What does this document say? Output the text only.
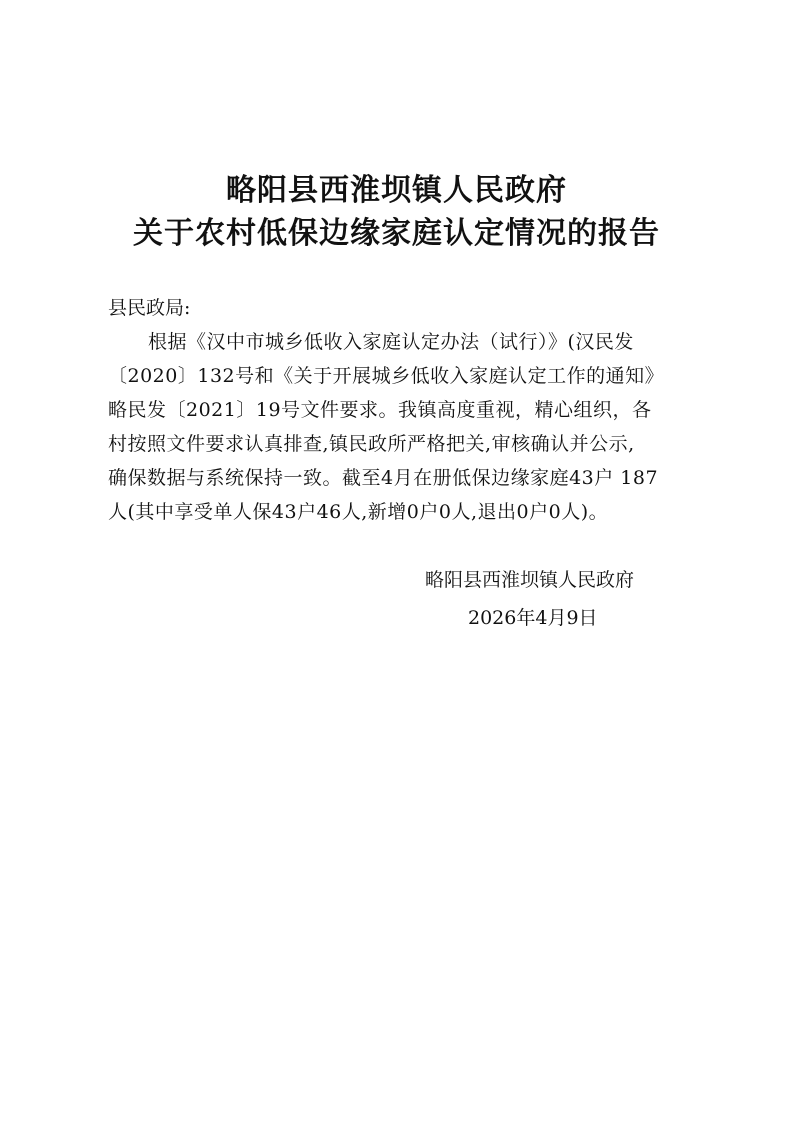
略阳县西淮坝镇人民政府
关于农村低保边缘家庭认定情况的报告

县民政局:

根据《汉中市城乡低收入家庭认定办法（试行）》(汉民发
〔2020〕132号和《关于开展城乡低收入家庭认定工作的通知》
略民发〔2021〕19号文件要求。我镇高度重视，精心组织，各
村按照文件要求认真排查,镇民政所严格把关,审核确认并公示,
确保数据与系统保持一致。截至4月在册低保边缘家庭43户 187
人(其中享受单人保43户46人,新增0户0人,退出0户0人)。

略阳县西淮坝镇人民政府

2026年4月9日
